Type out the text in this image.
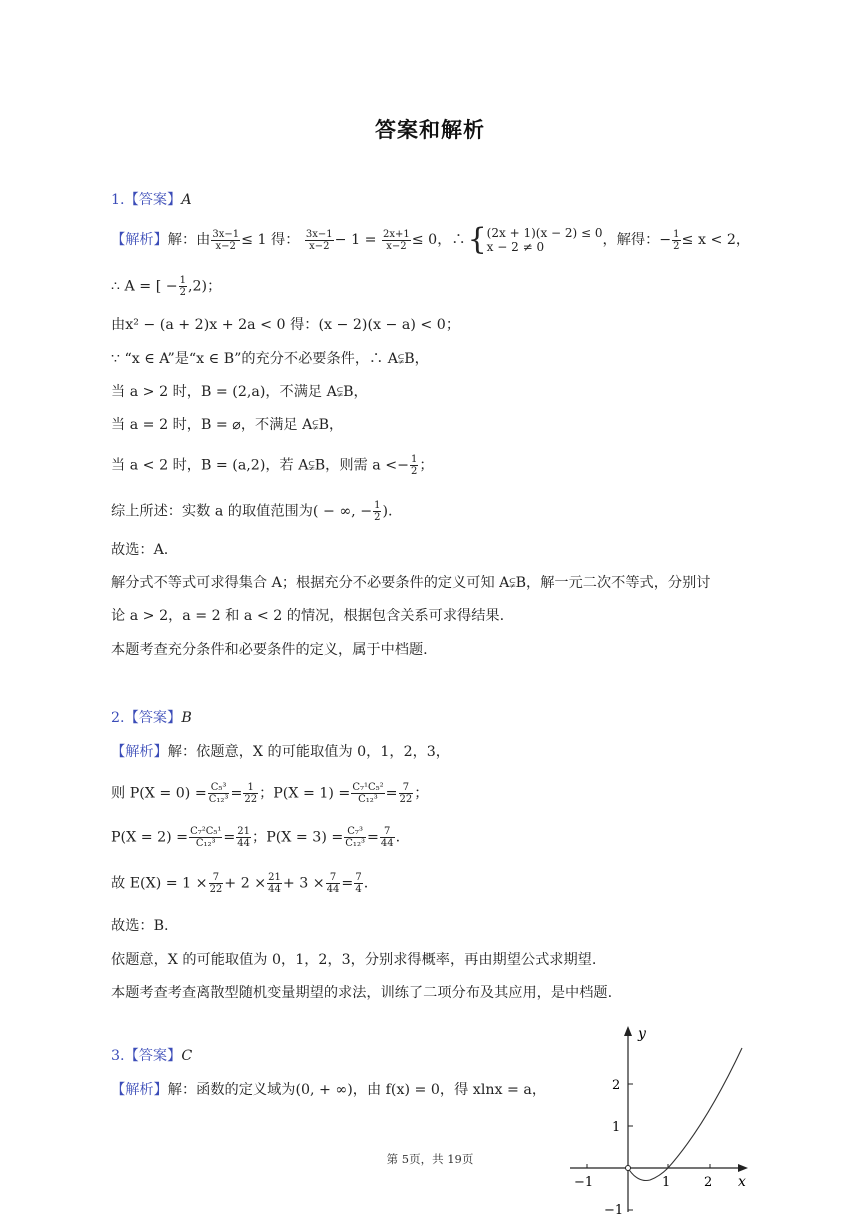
答案和解析
1.【答案】A
【解析】解：由 $\frac{3x-1}{x-2} \le 1$ 得： $\frac{3x-1}{x-2} - 1 = \frac{2x+1}{x-2} \le 0$，∴{ (2x + 1)(x − 2) ≤ 0
x − 2 ≠ 0	，解得：− $\frac{1}{2} \le x < 2$，
∴ A = [ − $\frac{1}{2} ,2$)；
由x² − (a + 2)x + 2a < 0 得：(x − 2)(x − a) < 0；
∵ “x ∈ A”是“x ∈ B”的充分不必要条件，∴ A⫋B，
当 a > 2 时，B = (2,a)，不满足 A⫋B，
当 a = 2 时，B = ⌀，不满足 A⫋B，
当 a < 2 时，B = (a,2)，若 A⫋B，则需 $a <- \frac{1}{2}$ ；
综上所述：实数 a 的取值范围为( − ∞, − $\frac{1}{2}$ ).
故选：A.
解分式不等式可求得集合 A；根据充分不必要条件的定义可知 A⫋B，解一元二次不等式，分别讨
论 a > 2，a = 2 和 a < 2 的情况，根据包含关系可求得结果.
本题考查充分条件和必要条件的定义，属于中档题.
2.【答案】B
【解析】解：依题意，X 的可能取值为 0，1，2，3，
则 $P(X = 0) = \frac{\text{C₅³}}{\text{C₁₂³}} = \frac{1}{22}$ ；$P(X = 1) = \frac{\text{C₇¹C₅²}}{\text{C₁₂³}} = \frac{7}{22}$ ；
$P(X = 2) = \frac{\text{C₇²C₅¹}}{\text{C₁₂³}} = \frac{21}{44}$ ；$P(X = 3) = \frac{\text{C₇³}}{\text{C₁₂³}} = \frac{7}{44}$ .
故 $E(X) = 1 \times \frac{7}{22} + 2 \times \frac{21}{44} + 3 \times \frac{7}{44} = \frac{7}{4}$ .
故选：B.
依题意，X 的可能取值为 0，1，2，3，分别求得概率，再由期望公式求期望.
本题考查考查离散型随机变量期望的求法，训练了二项分布及其应用，是中档题.
3.【答案】C
【解析】解：函数的定义域为(0, + ∞)，由 f(x) = 0，得 xlnx = a，
y
x
−1	1	2
2
1
−1
第 5页，共 19页
